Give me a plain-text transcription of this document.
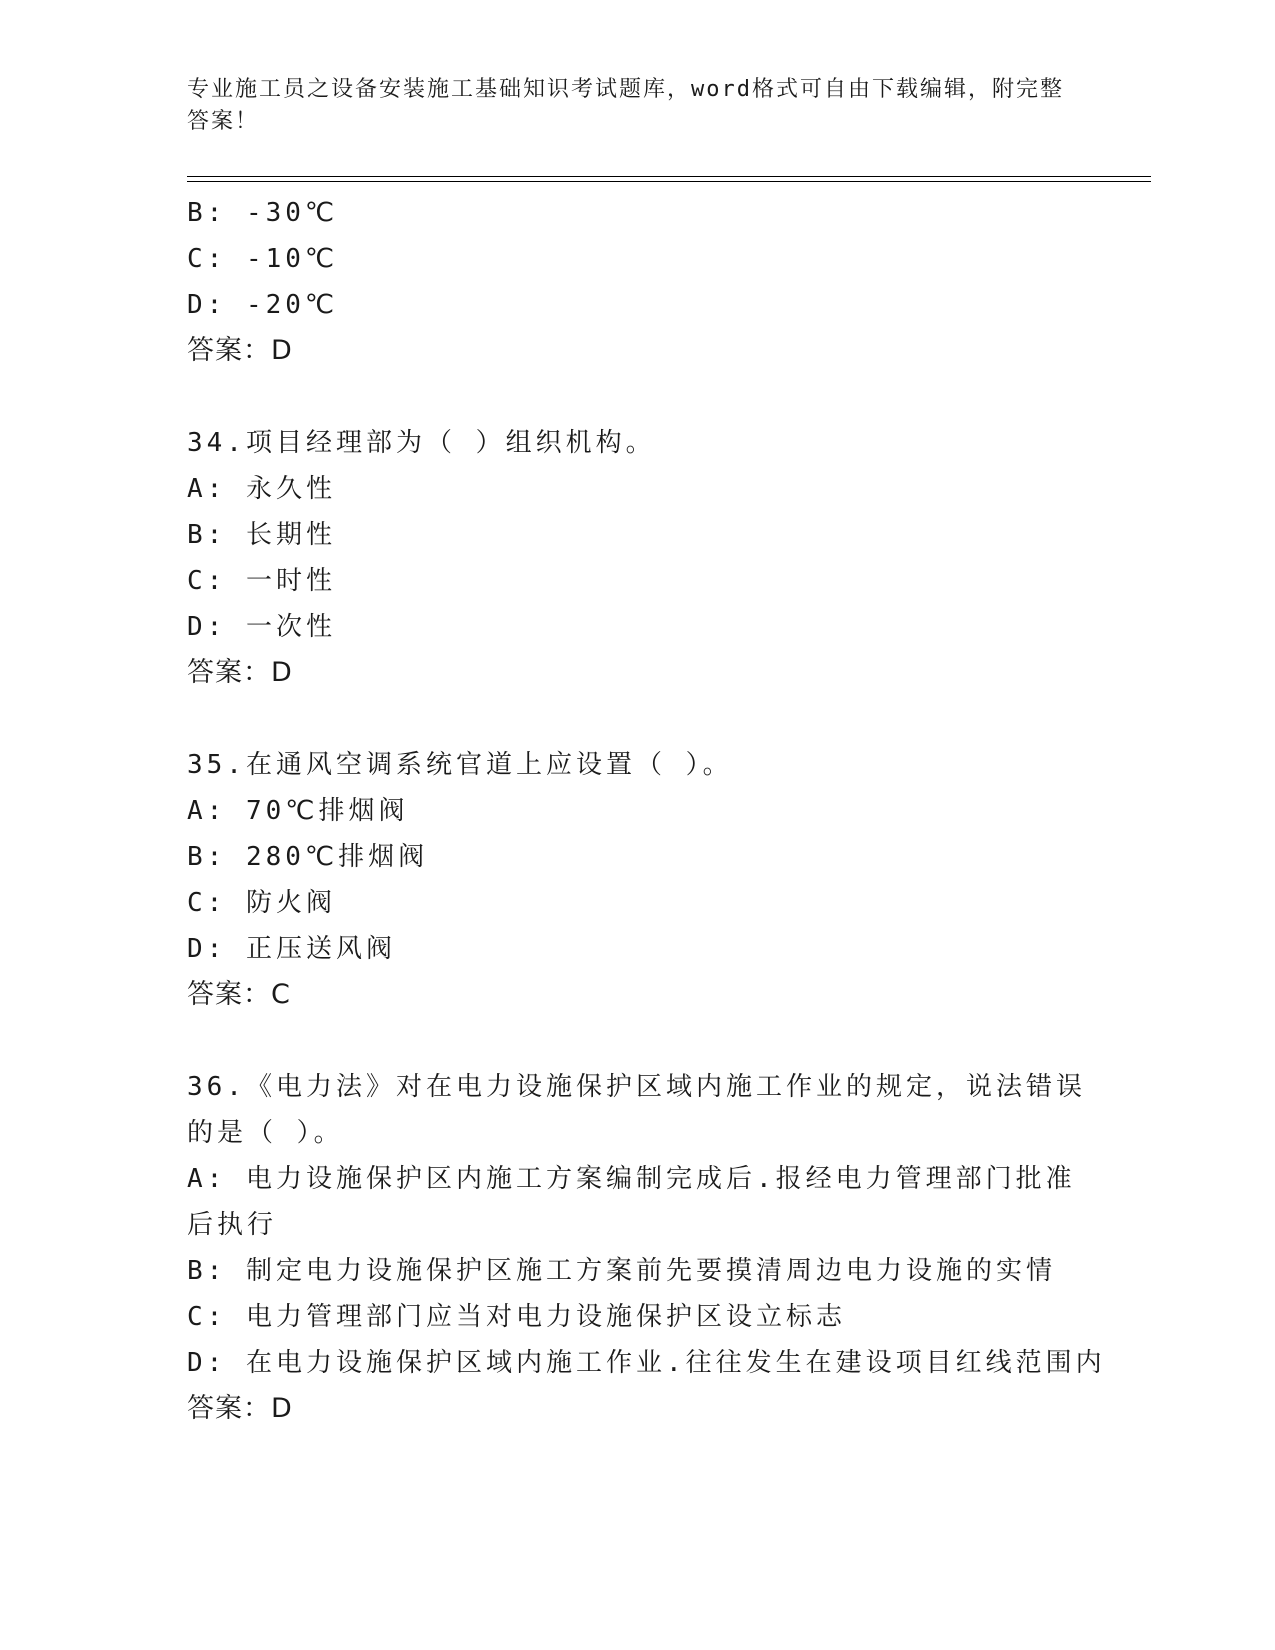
专业施工员之设备安装施工基础知识考试题库，word格式可自由下载编辑，附完整答案！
B: -30℃
C: -10℃
D: -20℃
答案：D
34.项目经理部为（ ）组织机构。
A: 永久性
B: 长期性
C: 一时性
D: 一次性
答案：D
35.在通风空调系统官道上应设置（ ）。
A: 70℃排烟阀
B: 280℃排烟阀
C: 防火阀
D: 正压送风阀
答案：C
36.《电力法》对在电力设施保护区域内施工作业的规定，说法错误的是（ ）。
A: 电力设施保护区内施工方案编制完成后.报经电力管理部门批准后执行
B: 制定电力设施保护区施工方案前先要摸清周边电力设施的实情
C: 电力管理部门应当对电力设施保护区设立标志
D: 在电力设施保护区域内施工作业.往往发生在建设项目红线范围内
答案：D
